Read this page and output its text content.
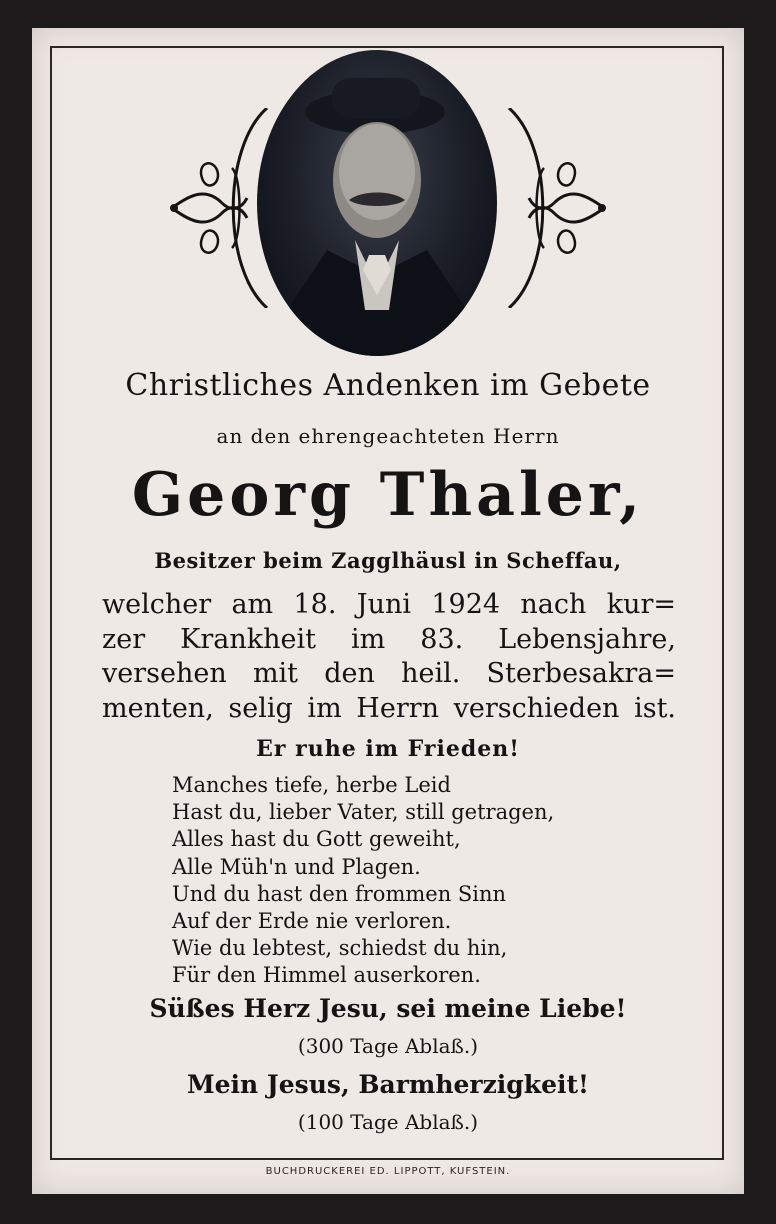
Christliches Andenken im Gebete
an den ehrengeachteten Herrn
Georg Thaler,
Besitzer beim Zagglhäusl in Scheffau,
welcher am 18. Juni 1924 nach kur=
zer Krankheit im 83. Lebensjahre,
versehen mit den heil. Sterbesakra=
menten, selig im Herrn verschieden ist.
Er ruhe im Frieden!
Manches tiefe, herbe Leid
Hast du, lieber Vater, still getragen,
Alles hast du Gott geweiht,
Alle Müh'n und Plagen.
Und du hast den frommen Sinn
Auf der Erde nie verloren.
Wie du lebtest, schiedst du hin,
Für den Himmel auserkoren.
Süßes Herz Jesu, sei meine Liebe!
(300 Tage Ablaß.)
Mein Jesus, Barmherzigkeit!
(100 Tage Ablaß.)
BUCHDRUCKEREI ED. LIPPOTT, KUFSTEIN.
